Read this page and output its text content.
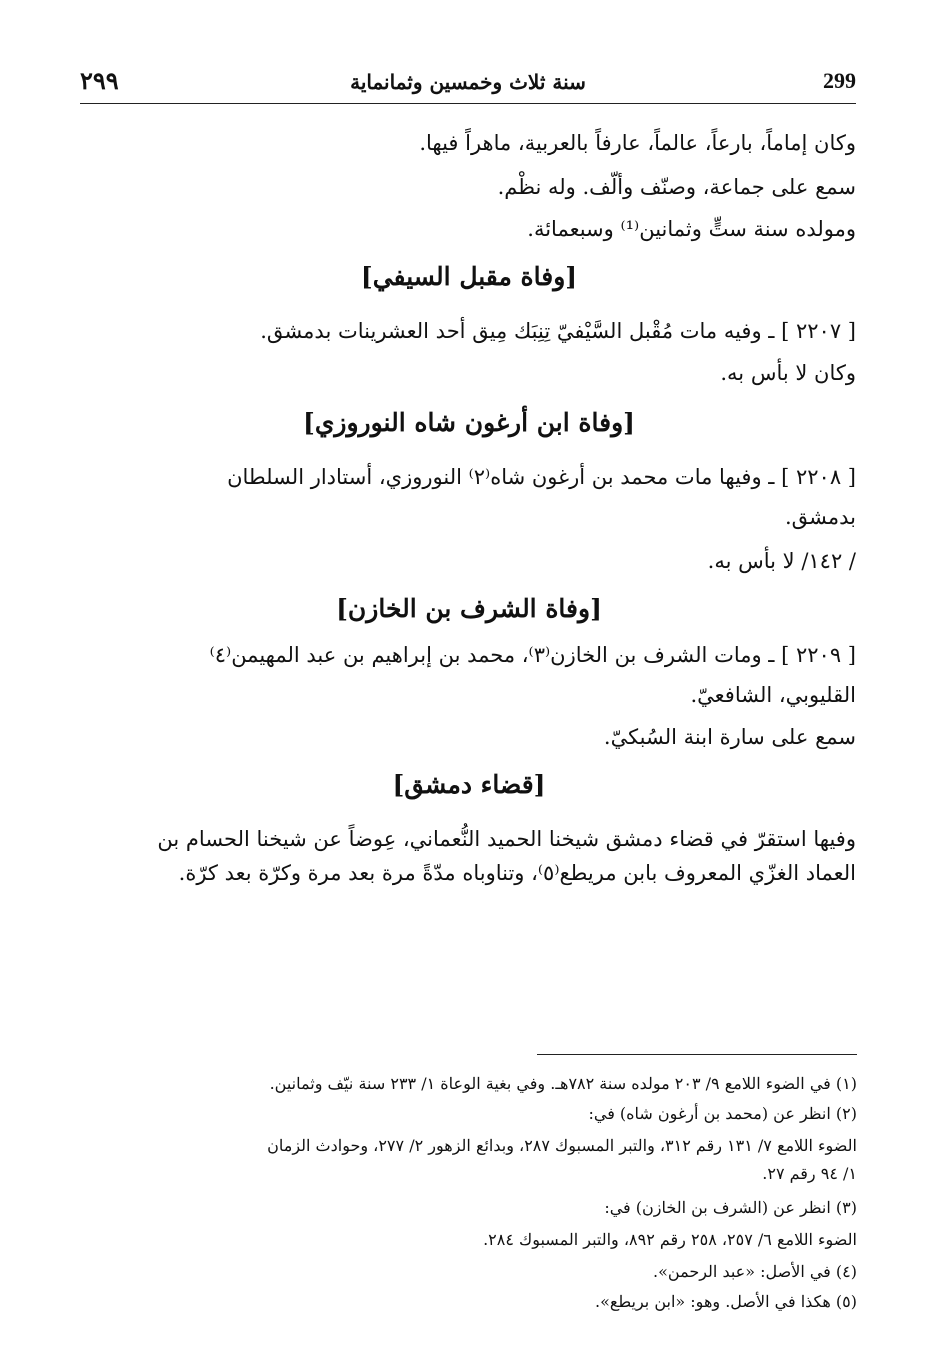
٢٩٩	سنة ثلاث وخمسين وثمانماية	299
وكان إماماً، بارعاً، عالماً، عارفاً بالعربية، ماهراً فيها.
سمع على جماعة، وصنّف وألّف. وله نظْم.
ومولده سنة ستٍّ وثمانين⁽¹⁾ وسبعمائة.
[وفاة مقبل السيفي]
[ ٢٢٠٧ ] ـ وفيه مات مُقْبل السَّيْفيّ تِنِبَك مِيق أحد العشرينات بدمشق.
وكان لا بأس به.
[وفاة ابن أرغون شاه النوروزي]
[ ٢٢٠٨ ] ـ وفيها مات محمد بن أرغون شاه⁽٢⁾ النوروزي، أستادار السلطان
بدمشق.
/ ١٤٢/ لا بأس به.
[وفاة الشرف بن الخازن]
[ ٢٢٠٩ ] ـ ومات الشرف بن الخازن⁽٣⁾، محمد بن إبراهيم بن عبد المهيمن⁽٤⁾
القليوبي، الشافعيّ.
سمع على سارة ابنة السُبكيّ.
[قضاء دمشق]
وفيها استقرّ في قضاء دمشق شيخنا الحميد النُّعماني، عِوضاً عن شيخنا الحسام بن
العماد الغزّي المعروف بابن مريطع⁽٥⁾، وتناوباه مدّةً مرة بعد مرة وكرّة بعد كرّة.
(١) في الضوء اللامع ٩/ ٢٠٣ مولده سنة ٧٨٢هـ. وفي بغية الوعاة ١/ ٢٣٣ سنة نيّف وثمانين.
(٢) انظر عن (محمد بن أرغون شاه) في:
الضوء اللامع ٧/ ١٣١ رقم ٣١٢، والتبر المسبوك ٢٨٧، وبدائع الزهور ٢/ ٢٧٧، وحوادث الزمان
١/ ٩٤ رقم ٢٧.
(٣) انظر عن (الشرف بن الخازن) في:
الضوء اللامع ٦/ ٢٥٧، ٢٥٨ رقم ٨٩٢، والتبر المسبوك ٢٨٤.
(٤) في الأصل: «عبد الرحمن».
(٥) هكذا في الأصل. وهو: «ابن بريطع».
